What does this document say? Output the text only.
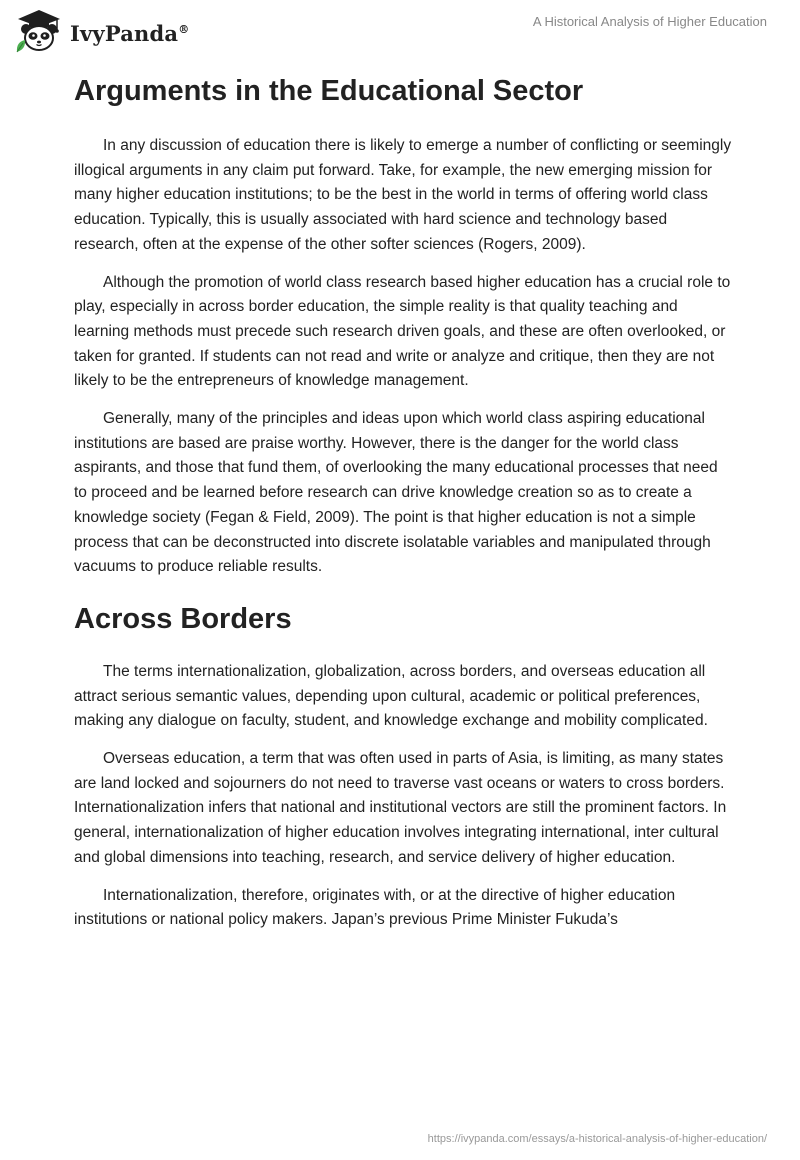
IvyPanda®	A Historical Analysis of Higher Education
Arguments in the Educational Sector

In any discussion of education there is likely to emerge a number of conflicting or seemingly illogical arguments in any claim put forward. Take, for example, the new emerging mission for many higher education institutions; to be the best in the world in terms of offering world class education. Typically, this is usually associated with hard science and technology based research, often at the expense of the other softer sciences (Rogers, 2009).

Although the promotion of world class research based higher education has a crucial role to play, especially in across border education, the simple reality is that quality teaching and learning methods must precede such research driven goals, and these are often overlooked, or taken for granted. If students can not read and write or analyze and critique, then they are not likely to be the entrepreneurs of knowledge management.

Generally, many of the principles and ideas upon which world class aspiring educational institutions are based are praise worthy. However, there is the danger for the world class aspirants, and those that fund them, of overlooking the many educational processes that need to proceed and be learned before research can drive knowledge creation so as to create a knowledge society (Fegan & Field, 2009). The point is that higher education is not a simple process that can be deconstructed into discrete isolatable variables and manipulated through vacuums to produce reliable results.

Across Borders

The terms internationalization, globalization, across borders, and overseas education all attract serious semantic values, depending upon cultural, academic or political preferences, making any dialogue on faculty, student, and knowledge exchange and mobility complicated.

Overseas education, a term that was often used in parts of Asia, is limiting, as many states are land locked and sojourners do not need to traverse vast oceans or waters to cross borders. Internationalization infers that national and institutional vectors are still the prominent factors. In general, internationalization of higher education involves integrating international, inter cultural and global dimensions into teaching, research, and service delivery of higher education.

Internationalization, therefore, originates with, or at the directive of higher education institutions or national policy makers. Japan’s previous Prime Minister Fukuda’s

https://ivypanda.com/essays/a-historical-analysis-of-higher-education/
